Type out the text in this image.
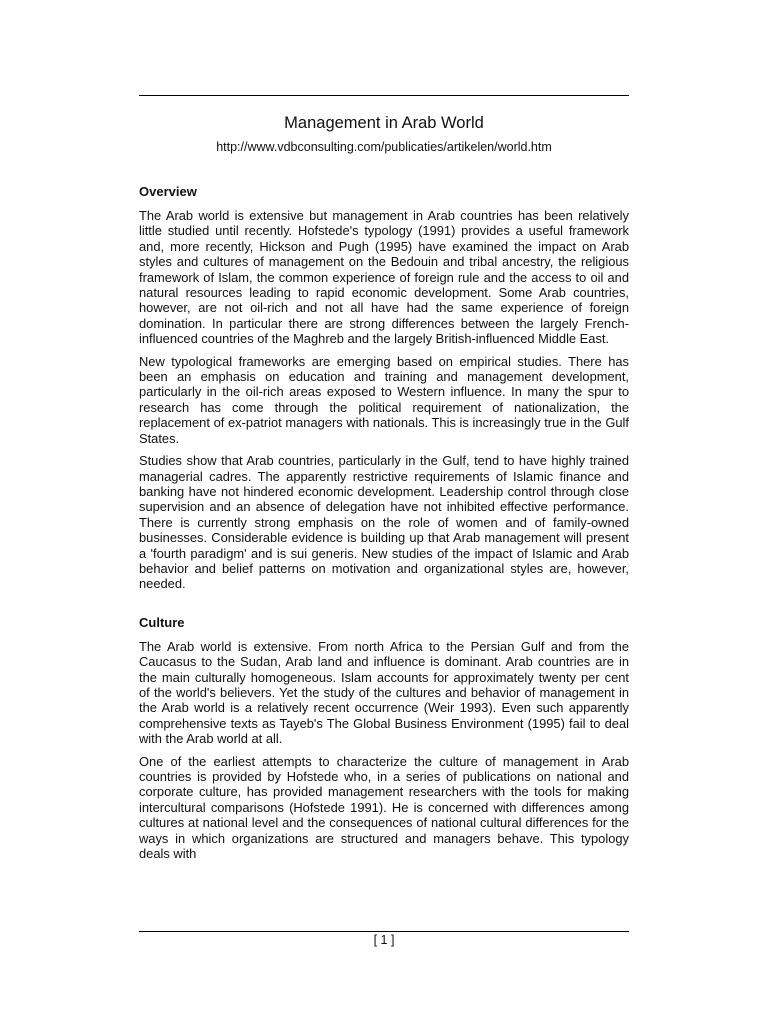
Management in Arab World
http://www.vdbconsulting.com/publicaties/artikelen/world.htm
Overview

The Arab world is extensive but management in Arab countries has been relatively little studied until recently. Hofstede's typology (1991) provides a useful framework and, more recently, Hickson and Pugh (1995) have examined the impact on Arab styles and cultures of management on the Bedouin and tribal ancestry, the religious framework of Islam, the common experience of foreign rule and the access to oil and natural resources leading to rapid economic development. Some Arab countries, however, are not oil-rich and not all have had the same experience of foreign domination. In particular there are strong differences between the largely French-influenced countries of the Maghreb and the largely British-influenced Middle East.

New typological frameworks are emerging based on empirical studies. There has been an emphasis on education and training and management development, particularly in the oil-rich areas exposed to Western influence. In many the spur to research has come through the political requirement of nationalization, the replacement of ex-patriot managers with nationals. This is increasingly true in the Gulf States.

Studies show that Arab countries, particularly in the Gulf, tend to have highly trained managerial cadres. The apparently restrictive requirements of Islamic finance and banking have not hindered economic development. Leadership control through close supervision and an absence of delegation have not inhibited effective performance. There is currently strong emphasis on the role of women and of family-owned businesses. Considerable evidence is building up that Arab management will present a 'fourth paradigm' and is sui generis. New studies of the impact of Islamic and Arab behavior and belief patterns on motivation and organizational styles are, however, needed.

Culture

The Arab world is extensive. From north Africa to the Persian Gulf and from the Caucasus to the Sudan, Arab land and influence is dominant. Arab countries are in the main culturally homogeneous. Islam accounts for approximately twenty per cent of the world's believers. Yet the study of the cultures and behavior of management in the Arab world is a relatively recent occurrence (Weir 1993). Even such apparently comprehensive texts as Tayeb's The Global Business Environment (1995) fail to deal with the Arab world at all.

One of the earliest attempts to characterize the culture of management in Arab countries is provided by Hofstede who, in a series of publications on national and corporate culture, has provided management researchers with the tools for making intercultural comparisons (Hofstede 1991). He is concerned with differences among cultures at national level and the consequences of national cultural differences for the ways in which organizations are structured and managers behave. This typology deals with

[ 1 ]
